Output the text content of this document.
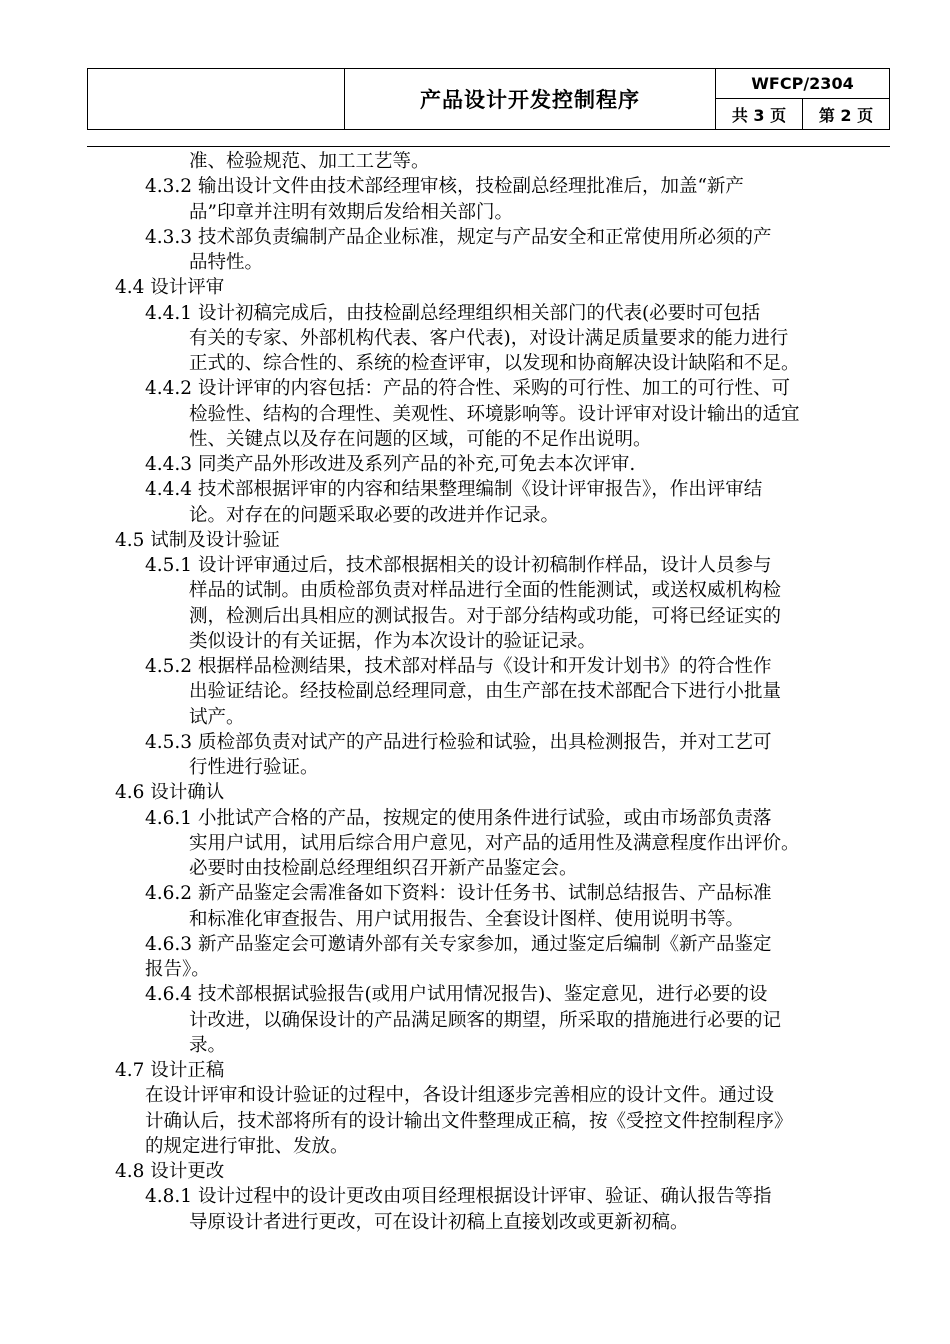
	产品设计开发控制程序	WFCP/2304	
		共 3 页	第 2 页
准、检验规范、加工工艺等。
4.3.2 输出设计文件由技术部经理审核，技检副总经理批准后，加盖“新产
品”印章并注明有效期后发给相关部门。
4.3.3 技术部负责编制产品企业标准，规定与产品安全和正常使用所必须的产
品特性。
4.4 设计评审
4.4.1 设计初稿完成后，由技检副总经理组织相关部门的代表(必要时可包括
有关的专家、外部机构代表、客户代表)，对设计满足质量要求的能力进行
正式的、综合性的、系统的检查评审，以发现和协商解决设计缺陷和不足。
4.4.2 设计评审的内容包括：产品的符合性、采购的可行性、加工的可行性、可
检验性、结构的合理性、美观性、环境影响等。设计评审对设计输出的适宜
性、关键点以及存在问题的区域，可能的不足作出说明。
4.4.3 同类产品外形改进及系列产品的补充,可免去本次评审.
4.4.4 技术部根据评审的内容和结果整理编制《设计评审报告》，作出评审结
论。对存在的问题采取必要的改进并作记录。
4.5 试制及设计验证
4.5.1 设计评审通过后，技术部根据相关的设计初稿制作样品，设计人员参与
样品的试制。由质检部负责对样品进行全面的性能测试，或送权威机构检
测，检测后出具相应的测试报告。对于部分结构或功能，可将已经证实的
类似设计的有关证据，作为本次设计的验证记录。
4.5.2 根据样品检测结果，技术部对样品与《设计和开发计划书》的符合性作
出验证结论。经技检副总经理同意，由生产部在技术部配合下进行小批量
试产。
4.5.3 质检部负责对试产的产品进行检验和试验，出具检测报告，并对工艺可
行性进行验证。
4.6 设计确认
4.6.1 小批试产合格的产品，按规定的使用条件进行试验，或由市场部负责落
实用户试用，试用后综合用户意见，对产品的适用性及满意程度作出评价。
必要时由技检副总经理组织召开新产品鉴定会。
4.6.2 新产品鉴定会需准备如下资料：设计任务书、试制总结报告、产品标准
和标准化审查报告、用户试用报告、全套设计图样、使用说明书等。
4.6.3 新产品鉴定会可邀请外部有关专家参加，通过鉴定后编制《新产品鉴定
报告》。
4.6.4 技术部根据试验报告(或用户试用情况报告)、鉴定意见，进行必要的设
计改进，以确保设计的产品满足顾客的期望，所采取的措施进行必要的记
录。
4.7 设计正稿
在设计评审和设计验证的过程中，各设计组逐步完善相应的设计文件。通过设
计确认后，技术部将所有的设计输出文件整理成正稿，按《受控文件控制程序》
的规定进行审批、发放。
4.8 设计更改
4.8.1 设计过程中的设计更改由项目经理根据设计评审、验证、确认报告等指
导原设计者进行更改，可在设计初稿上直接划改或更新初稿。
